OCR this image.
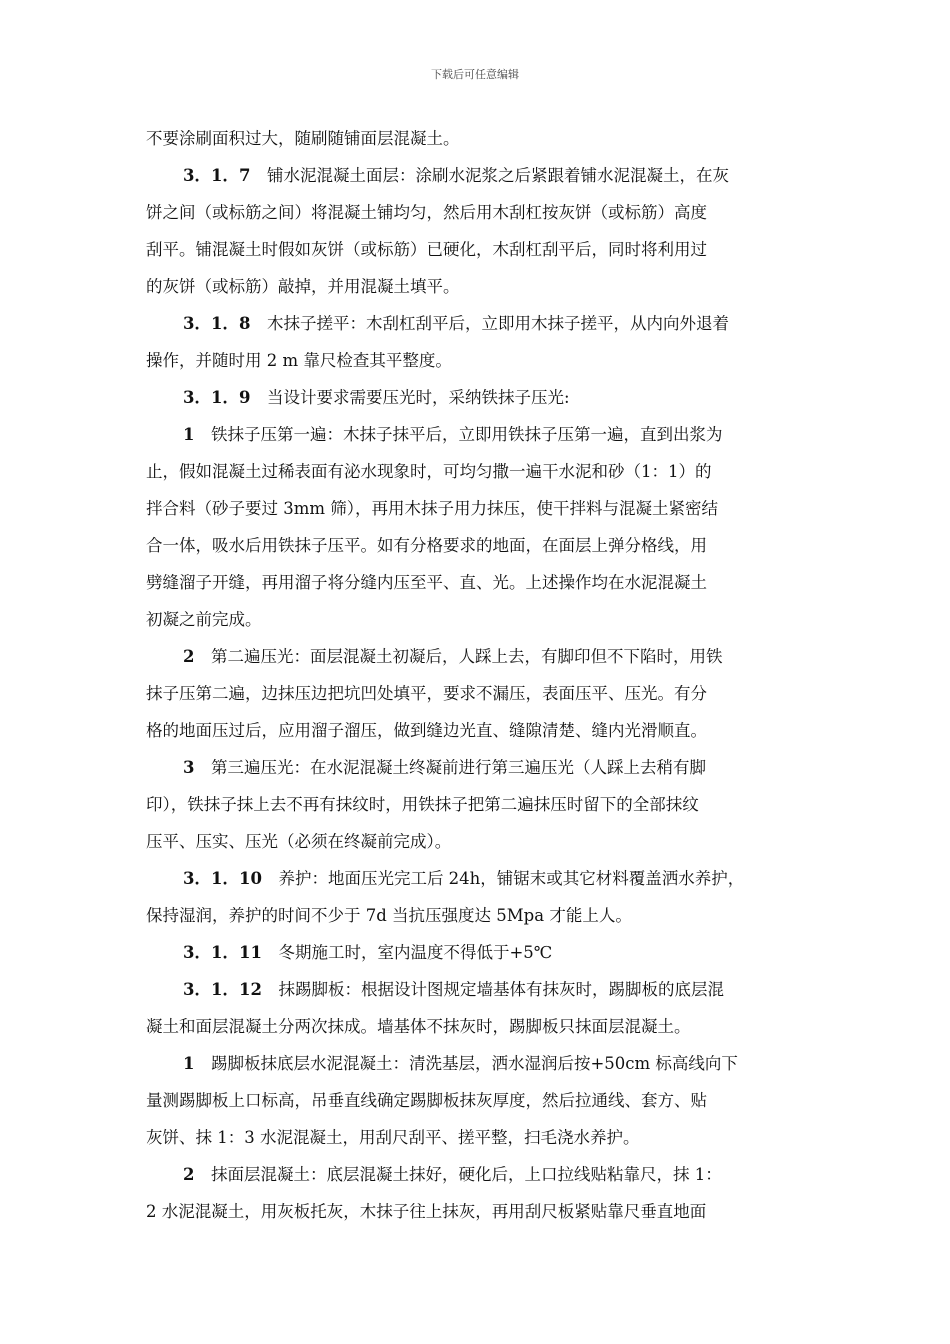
下载后可任意编辑
不要涂刷面积过大，随刷随铺面层混凝土。
3．1．7　铺水泥混凝土面层：涂刷水泥浆之后紧跟着铺水泥混凝土，在灰
饼之间（或标筋之间）将混凝土铺均匀，然后用木刮杠按灰饼（或标筋）高度
刮平。铺混凝土时假如灰饼（或标筋）已硬化，木刮杠刮平后，同时将利用过
的灰饼（或标筋）敲掉，并用混凝土填平。
3．1．8　木抹子搓平：木刮杠刮平后，立即用木抹子搓平，从内向外退着
操作，并随时用 2 m 靠尺检查其平整度。
3．1．9　当设计要求需要压光时，采纳铁抹子压光:
1　铁抹子压第一遍：木抹子抹平后，立即用铁抹子压第一遍，直到出浆为
止，假如混凝土过稀表面有泌水现象时，可均匀撒一遍干水泥和砂（1：1）的
拌合料（砂子要过 3mm 筛），再用木抹子用力抹压，使干拌料与混凝土紧密结
合一体，吸水后用铁抹子压平。如有分格要求的地面，在面层上弹分格线，用
劈缝溜子开缝，再用溜子将分缝内压至平、直、光。上述操作均在水泥混凝土
初凝之前完成。
2　第二遍压光：面层混凝土初凝后，人踩上去，有脚印但不下陷时，用铁
抹子压第二遍，边抹压边把坑凹处填平，要求不漏压，表面压平、压光。有分
格的地面压过后，应用溜子溜压，做到缝边光直、缝隙清楚、缝内光滑顺直。
3　第三遍压光：在水泥混凝土终凝前进行第三遍压光（人踩上去稍有脚
印），铁抹子抹上去不再有抹纹时，用铁抹子把第二遍抹压时留下的全部抹纹
压平、压实、压光（必须在终凝前完成）。
3．1．10　养护：地面压光完工后 24h，铺锯末或其它材料覆盖洒水养护，
保持湿润，养护的时间不少于 7d 当抗压强度达 5Mpa 才能上人。
3．1．11　冬期施工时，室内温度不得低于+5℃
3．1．12　抹踢脚板：根据设计图规定墙基体有抹灰时，踢脚板的底层混
凝土和面层混凝土分两次抹成。墙基体不抹灰时，踢脚板只抹面层混凝土。
1　踢脚板抹底层水泥混凝土：清洗基层，洒水湿润后按+50cm 标高线向下
量测踢脚板上口标高，吊垂直线确定踢脚板抹灰厚度，然后拉通线、套方、贴
灰饼、抹 1：3 水泥混凝土，用刮尺刮平、搓平整，扫毛浇水养护。
2　抹面层混凝土：底层混凝土抹好，硬化后，上口拉线贴粘靠尺，抹 1：
2 水泥混凝土，用灰板托灰，木抹子往上抹灰，再用刮尺板紧贴靠尺垂直地面
